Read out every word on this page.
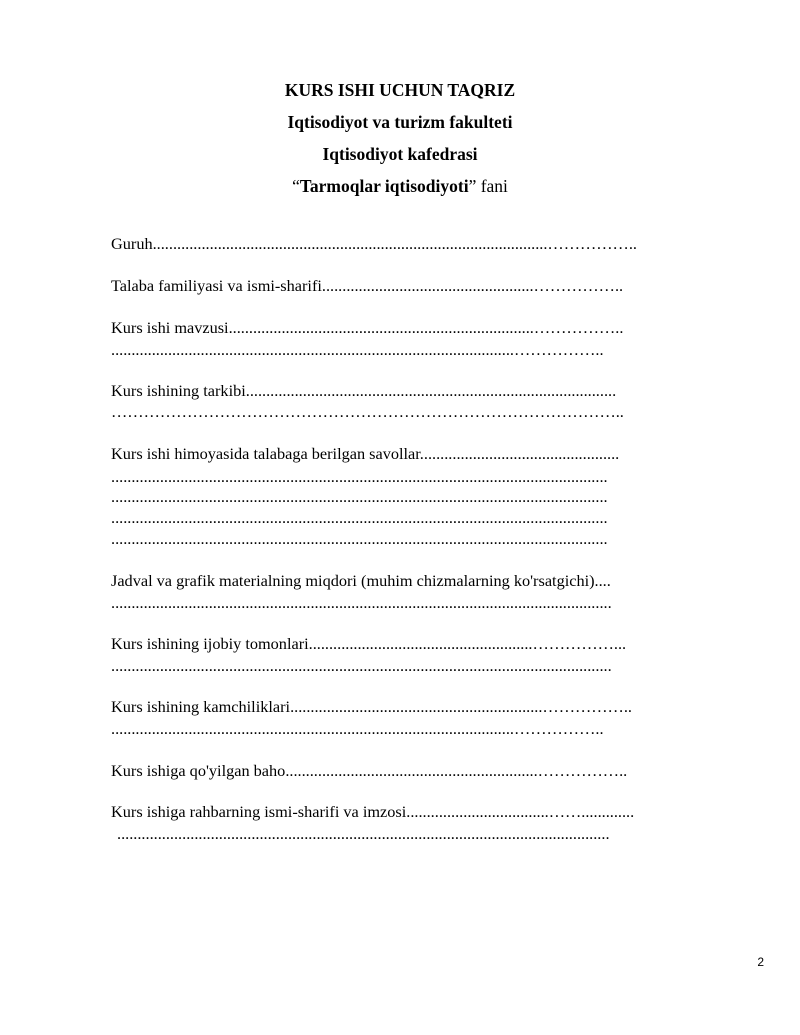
KURS ISHI UCHUN TAQRIZ
Iqtisodiyot va turizm fakulteti
Iqtisodiyot kafedrasi
“Tarmoqlar iqtisodiyoti” fani
Guruh.................................................................................................……………..
Talaba familiyasi va ismi-sharifi....................................................……………..
Kurs ishi mavzusi...........................................................................……………..
...................................................................................................……………..
Kurs ishining tarkibi...........................................................................................
…………………………………………………………………………………..
Kurs ishi himoyasida talabaga berilgan savollar.................................................
..........................................................................................................................
..........................................................................................................................
..........................................................................................................................
..........................................................................................................................
Jadval va grafik materialning miqdori (muhim chizmalarning ko'rsatgichi)....
...........................................................................................................................
Kurs ishining ijobiy tomonlari.......................................................……………...
...........................................................................................................................
Kurs ishining kamchiliklari..............................................................……………..
...................................................................................................……………..
Kurs ishiga qo'yilgan baho..............................................................……………..
Kurs ishiga rahbarning ismi-sharifi va imzosi...................................…….............
.........................................................................................................................
2
